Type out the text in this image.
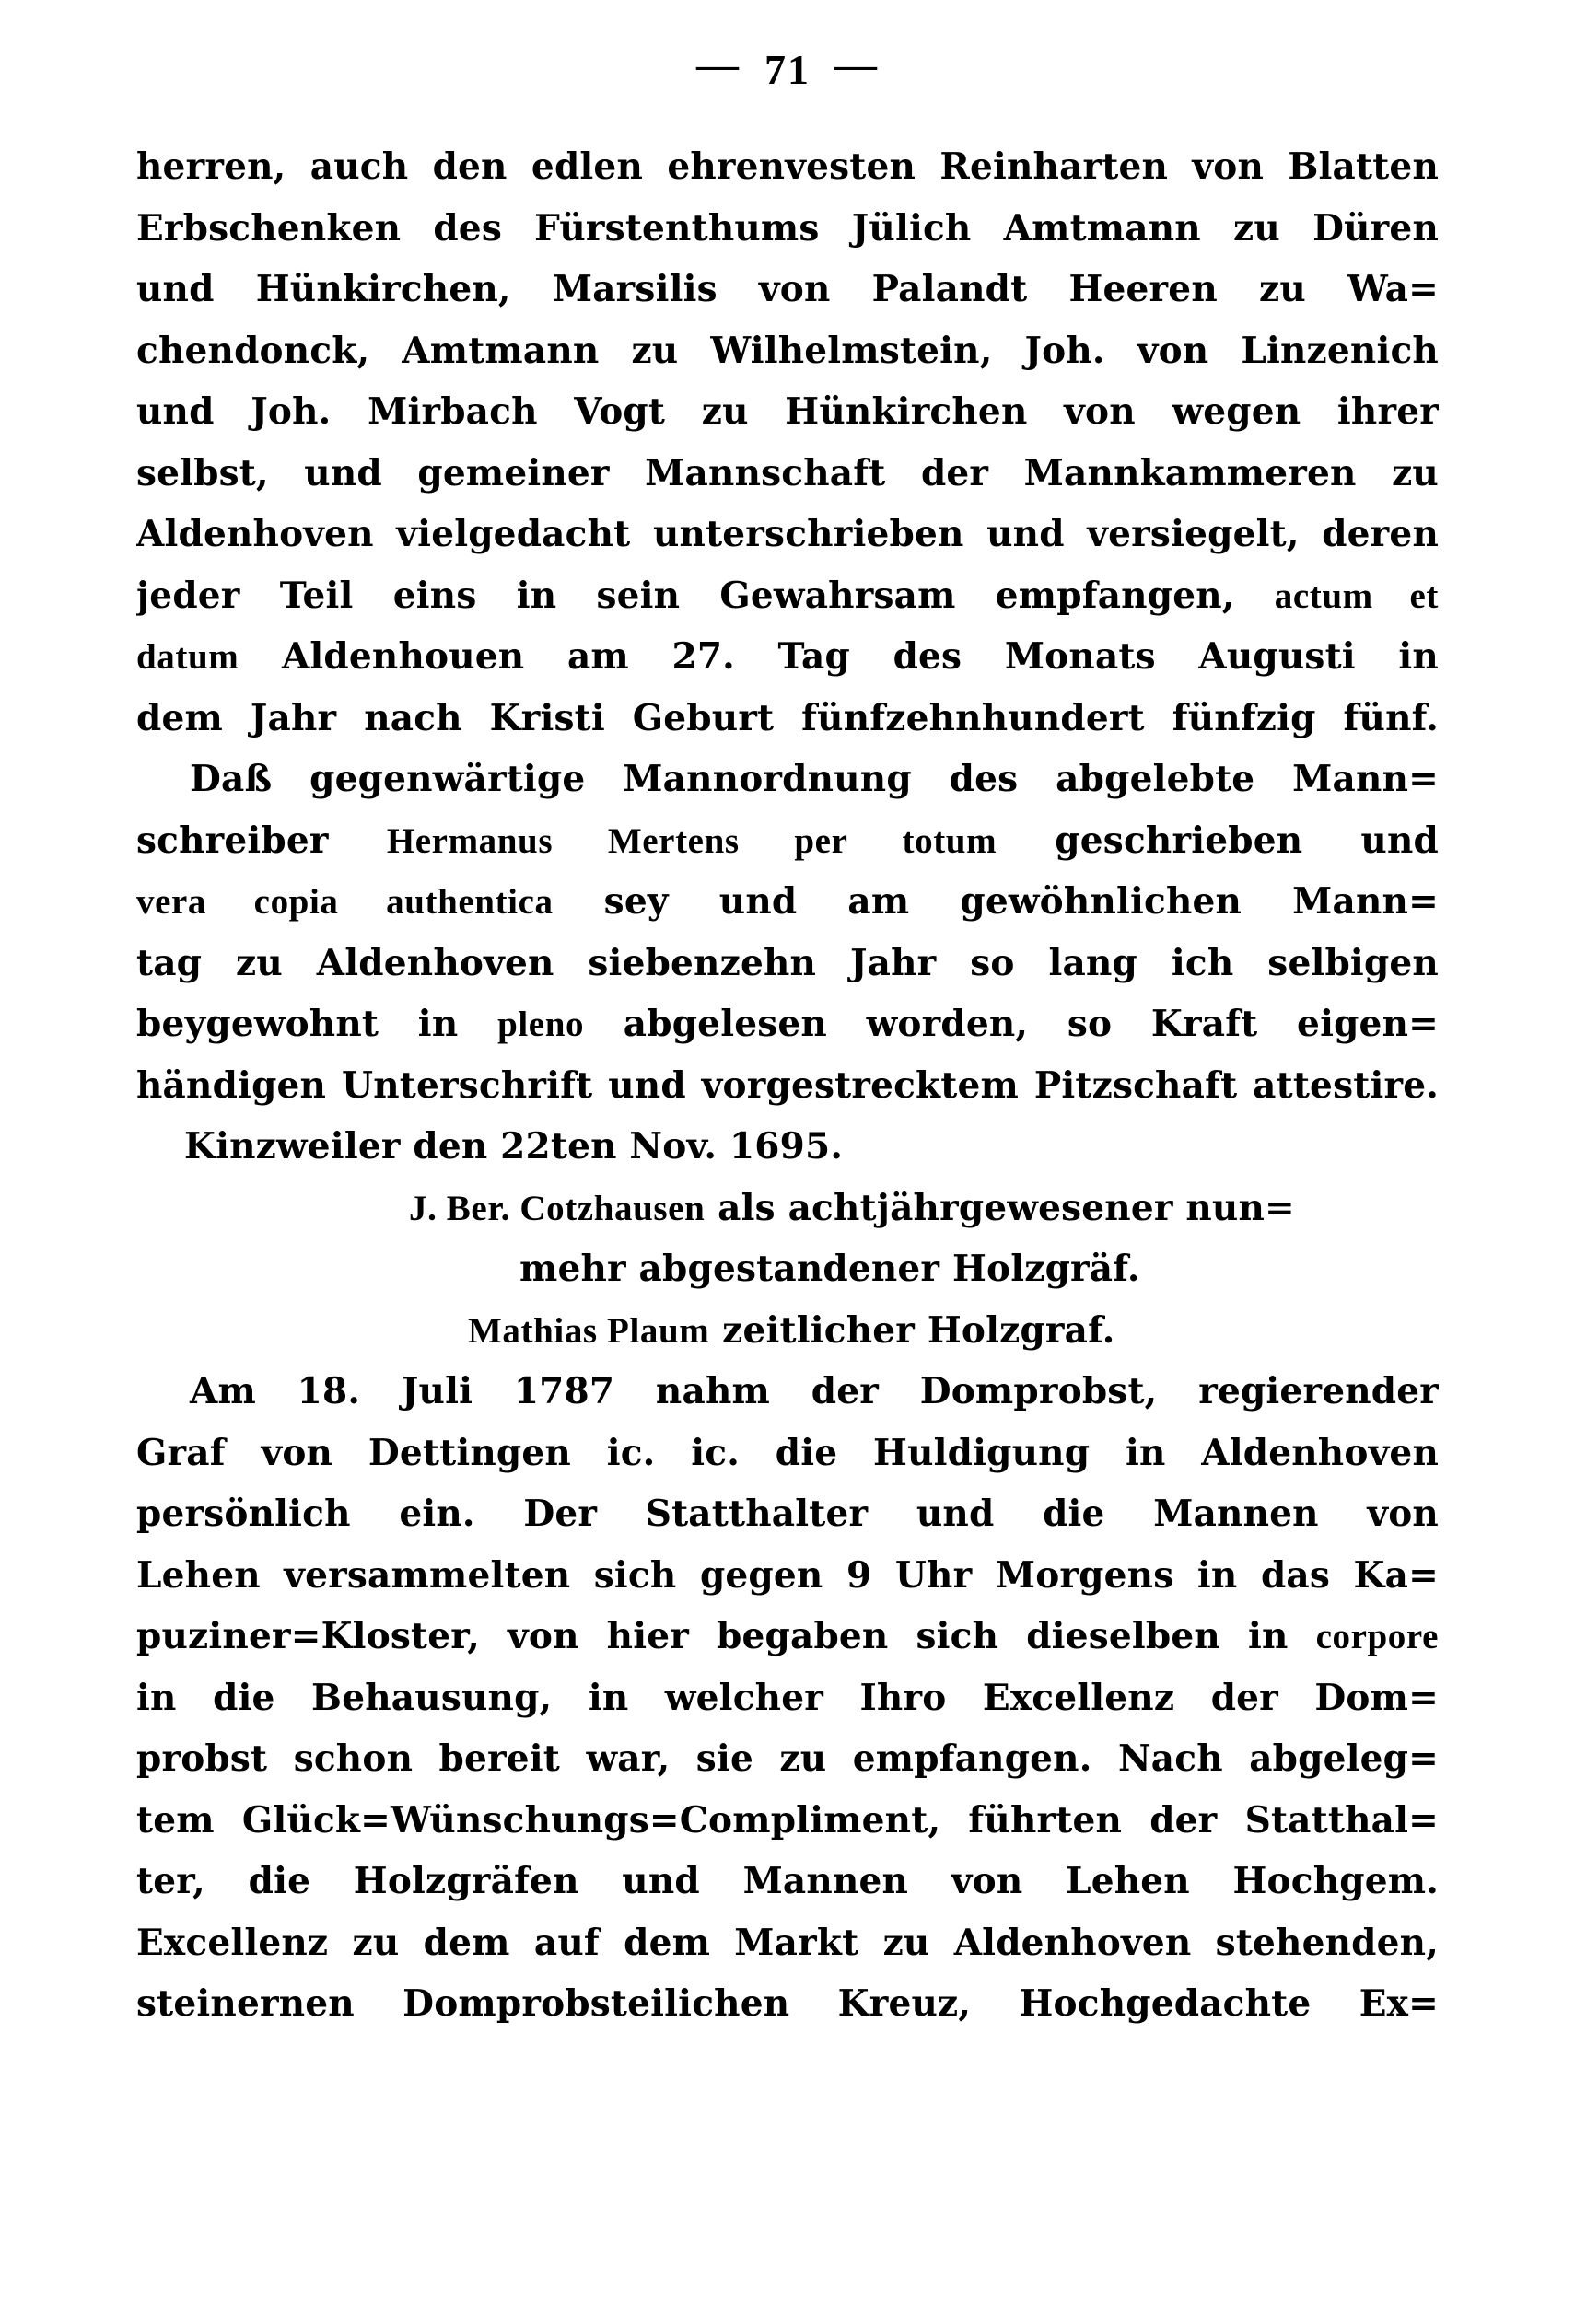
— 71 —
herren, auch den edlen ehrenvesten Reinharten von Blatten
Erbschenken des Fürstenthums Jülich Amtmann zu Düren
und Hünkirchen, Marsilis von Palandt Heeren zu Wa=
chendonck, Amtmann zu Wilhelmstein, Joh. von Linzenich
und Joh. Mirbach Vogt zu Hünkirchen von wegen ihrer
selbst, und gemeiner Mannschaft der Mannkammeren zu
Aldenhoven vielgedacht unterschrieben und versiegelt, deren
jeder Teil eins in sein Gewahrsam empfangen, actum et
datum Aldenhouen am 27. Tag des Monats Augusti in
dem Jahr nach Kristi Geburt fünfzehnhundert fünfzig fünf.
Daß gegenwärtige Mannordnung des abgelebte Mann=
schreiber Hermanus Mertens per totum geschrieben und
vera copia authentica sey und am gewöhnlichen Mann=
tag zu Aldenhoven siebenzehn Jahr so lang ich selbigen
beygewohnt in pleno abgelesen worden, so Kraft eigen=
händigen Unterschrift und vorgestrecktem Pitzschaft attestire.
Kinzweiler den 22ten Nov. 1695.
J. Ber. Cotzhausen als achtjährgewesener nun=
mehr abgestandener Holzgräf.
Mathias Plaum zeitlicher Holzgraf.
Am 18. Juli 1787 nahm der Domprobst, regierender
Graf von Dettingen ic. ic. die Huldigung in Aldenhoven
persönlich ein. Der Statthalter und die Mannen von
Lehen versammelten sich gegen 9 Uhr Morgens in das Ka=
puziner=Kloster, von hier begaben sich dieselben in corpore
in die Behausung, in welcher Ihro Excellenz der Dom=
probst schon bereit war, sie zu empfangen. Nach abgeleg=
tem Glück=Wünschungs=Compliment, führten der Statthal=
ter, die Holzgräfen und Mannen von Lehen Hochgem.
Excellenz zu dem auf dem Markt zu Aldenhoven stehenden,
steinernen Domprobsteilichen Kreuz, Hochgedachte Ex=
